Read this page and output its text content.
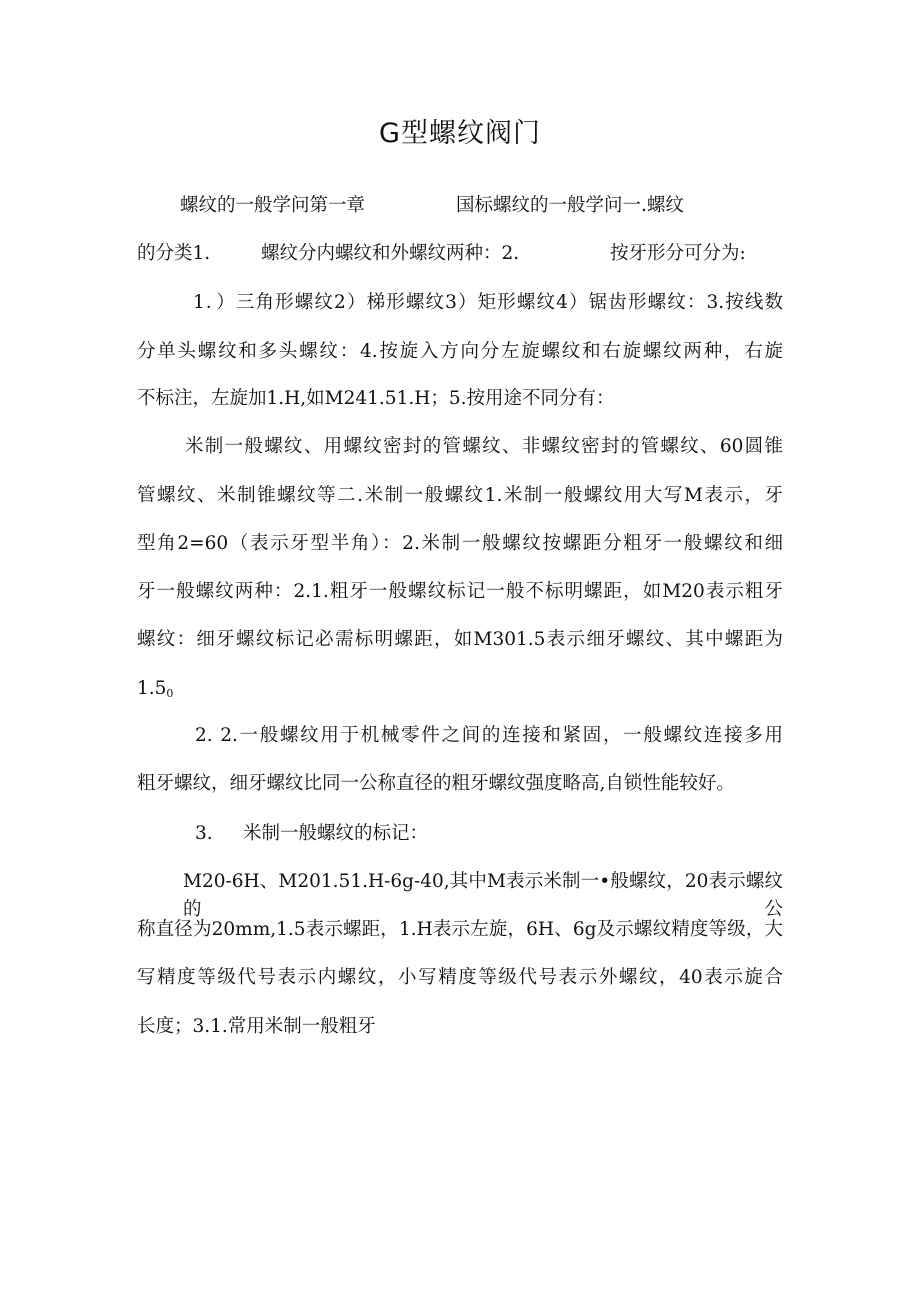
G型螺纹阀门
螺纹的一般学问第一章	国标螺纹的一般学问一.螺纹
的分类1.	螺纹分内螺纹和外螺纹两种：2.	按牙形分可分为:
1．）三角形螺纹2）梯形螺纹3）矩形螺纹4）锯齿形螺纹：3.按线数
分单头螺纹和多头螺纹：4.按旋入方向分左旋螺纹和右旋螺纹两种，右旋
不标注，左旋加1.H,如M241.51.H；5.按用途不同分有：
米制一般螺纹、用螺纹密封的管螺纹、非螺纹密封的管螺纹、60圆锥
管螺纹、米制锥螺纹等二.米制一般螺纹1.米制一般螺纹用大写M表示，牙
型角2=60（表示牙型半角）：2.米制一般螺纹按螺距分粗牙一般螺纹和细
牙一般螺纹两种：2.1.粗牙一般螺纹标记一般不标明螺距，如M20表示粗牙
螺纹：细牙螺纹标记必需标明螺距，如M301.5表示细牙螺纹、其中螺距为
$1.5_0$
2. 2.一般螺纹用于机械零件之间的连接和紧固，一般螺纹连接多用
粗牙螺纹，细牙螺纹比同一公称直径的粗牙螺纹强度略高,自锁性能较好。
3. 米制一般螺纹的标记：
M20-6H、M201.51.H-6g-40,其中M表示米制一•般螺纹，20表示螺纹的公
称直径为20mm,1.5表示螺距，1.H表示左旋，6H、6g及示螺纹精度等级，大
写精度等级代号表示内螺纹，小写精度等级代号表示外螺纹，40表示旋合
长度；3.1.常用米制一般粗牙
